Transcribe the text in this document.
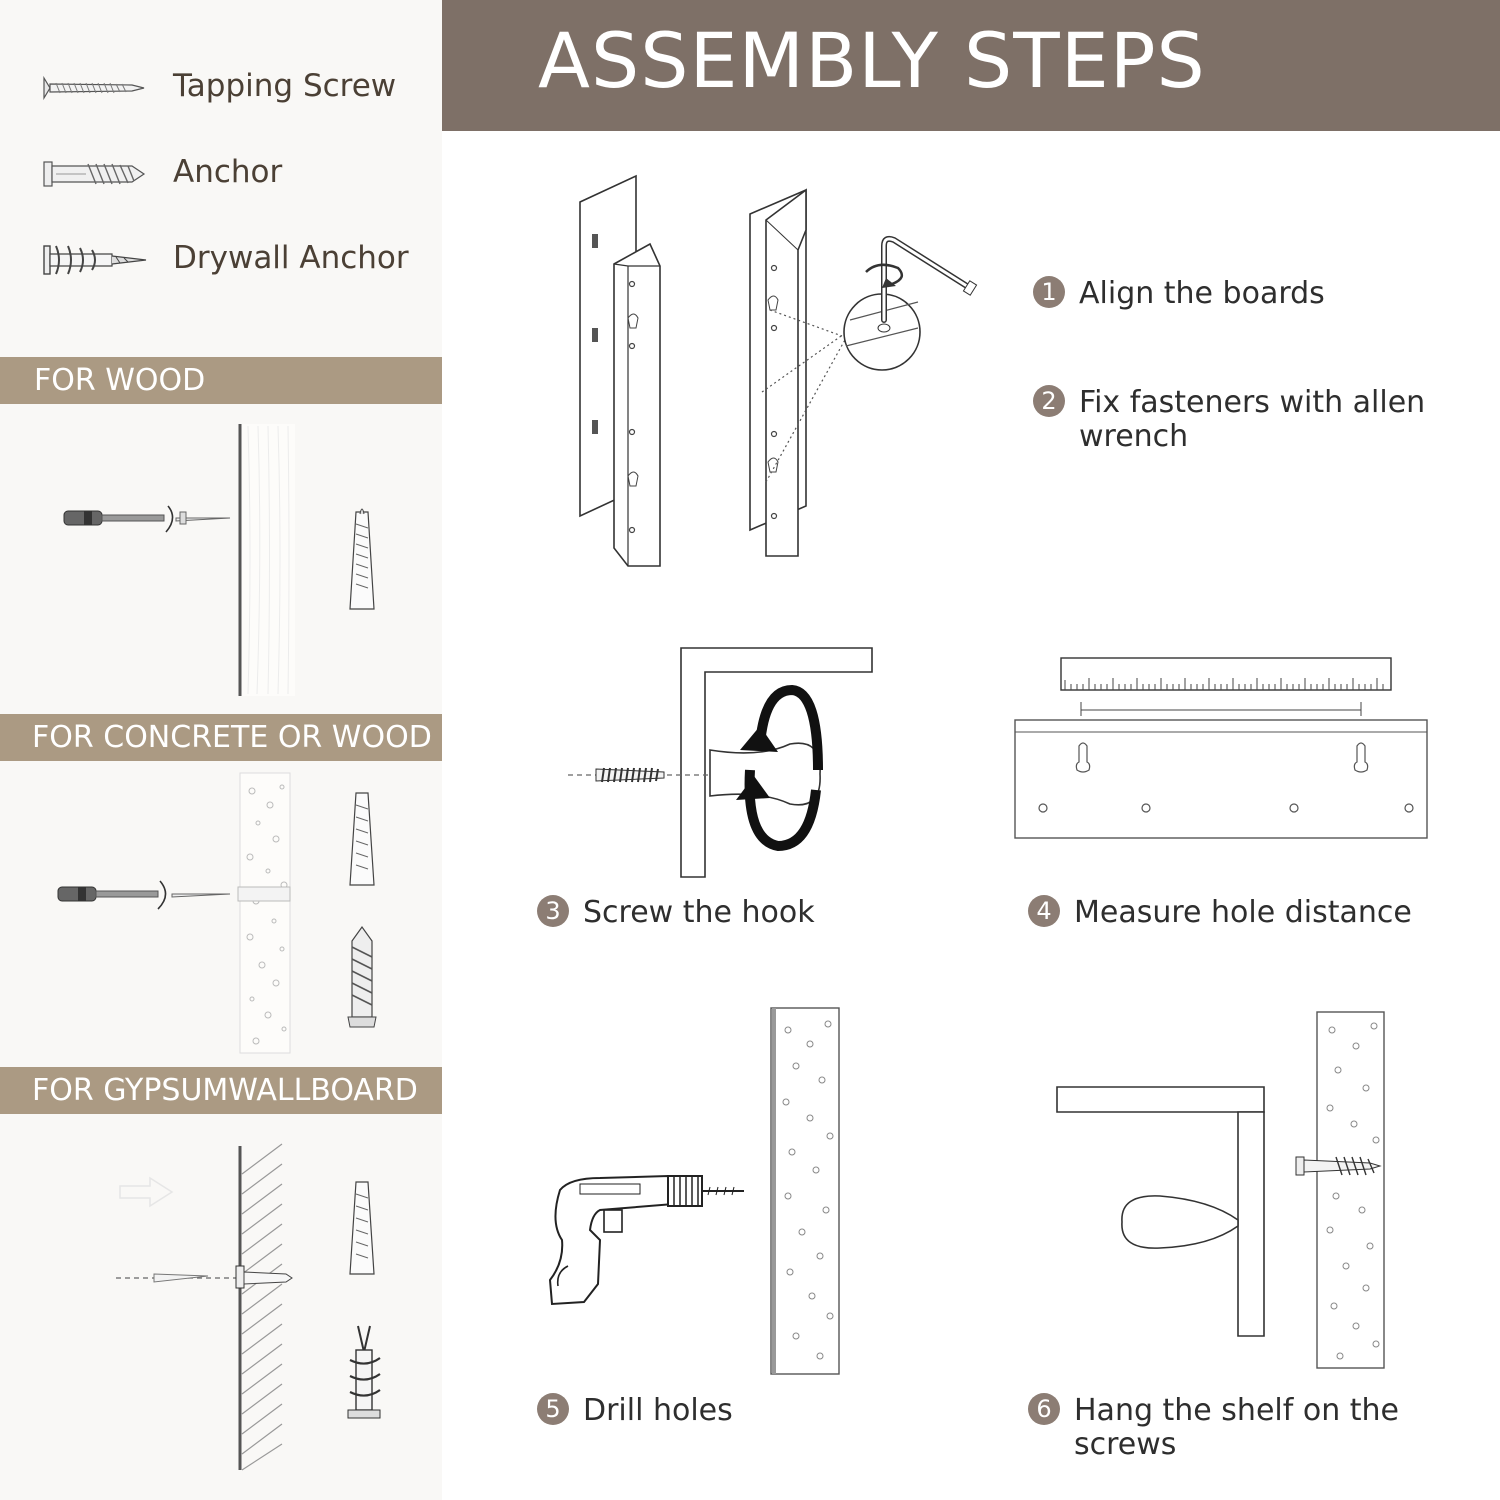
Tapping Screw
Anchor
Drywall Anchor
FOR WOOD
FOR CONCRETE OR WOOD
FOR GYPSUMWALLBOARD
ASSEMBLY STEPS
1 Align the boards
2 Fix fasteners with allen wrench
3 Screw the hook	4 Measure hole distance
5 Drill holes	6 Hang the shelf on the screws
